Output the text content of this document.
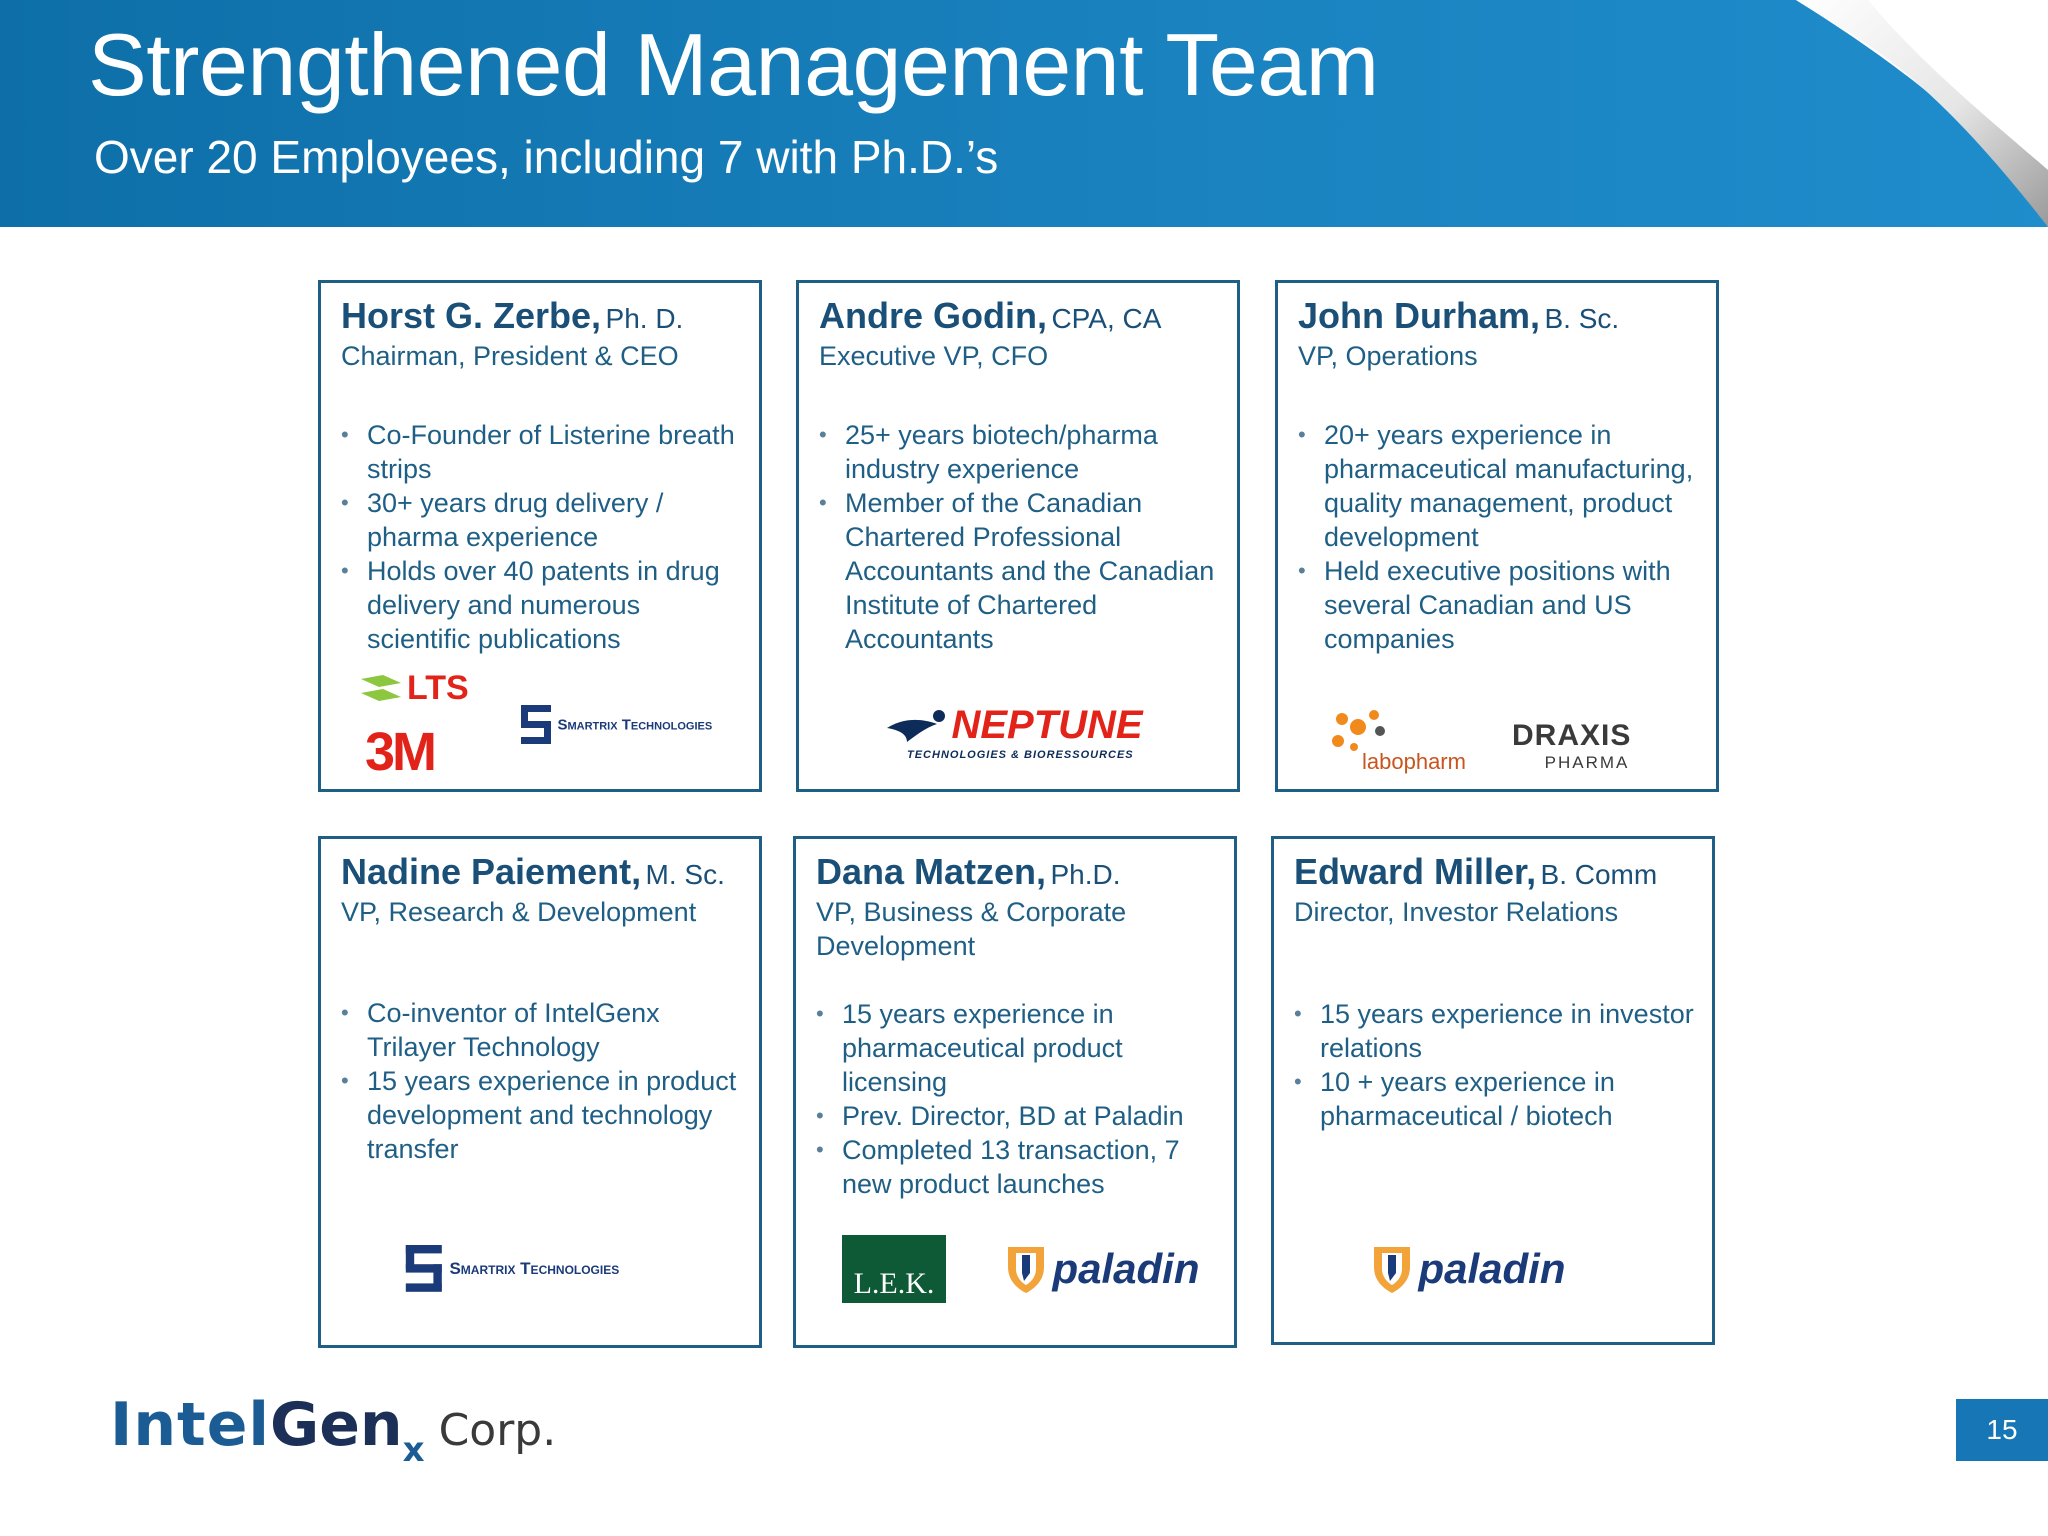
Strengthened Management Team
Over 20 Employees, including 7 with Ph.D.’s
Horst G. Zerbe, Ph. D.
Chairman, President & CEO
• Co-Founder of Listerine breath strips
• 30+ years drug delivery / pharma experience
• Holds over 40 patents in drug delivery and numerous scientific publications
LTS
3M	Smartrix Technologies
Andre Godin, CPA, CA
Executive VP, CFO
• 25+ years biotech/pharma industry experience
• Member of the Canadian Chartered Professional Accountants and the Canadian Institute of Chartered Accountants
NEPTUNE
TECHNOLOGIES & BIORESSOURCES
John Durham, B. Sc.
VP, Operations
• 20+ years experience in pharmaceutical manufacturing, quality management, product development
• Held executive positions with several Canadian and US companies
labopharm
DRAXIS
PHARMA
Nadine Paiement, M. Sc.
VP, Research & Development
• Co-inventor of IntelGenx Trilayer Technology
• 15 years experience in product development and technology transfer
Smartrix Technologies
Dana Matzen, Ph.D.
VP, Business & Corporate Development
• 15 years experience in pharmaceutical product licensing
• Prev. Director, BD at Paladin
• Completed 13 transaction, 7 new product launches
L.E.K.	paladin
Edward Miller, B. Comm
Director, Investor Relations
• 15 years experience in investor relations
• 10 + years experience in pharmaceutical / biotech
paladin
IntelGenx Corp.	15
